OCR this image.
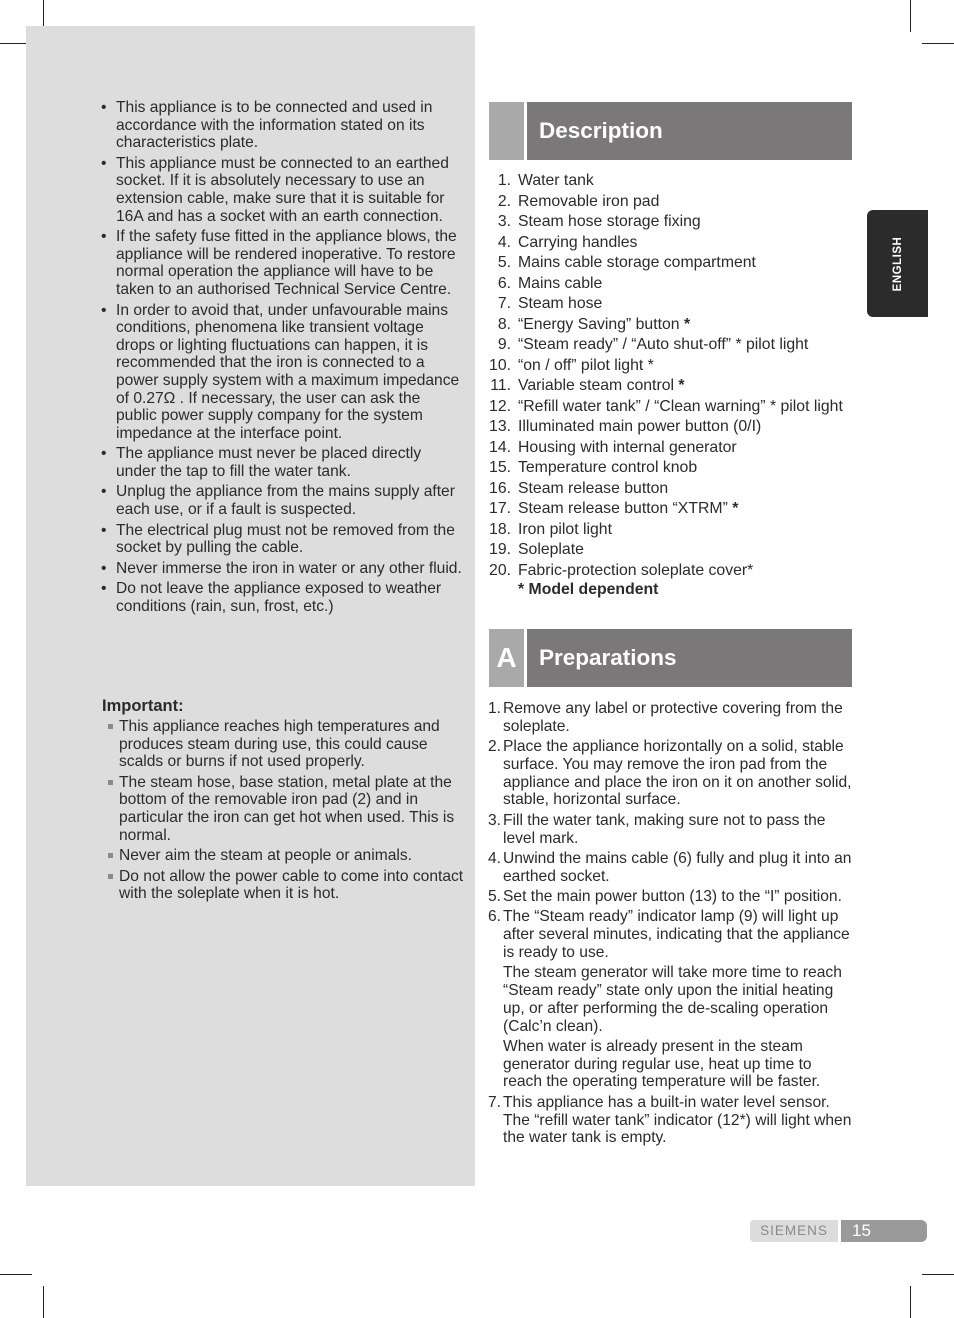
• This appliance is to be connected and used in accordance with the information stated on its characteristics plate.
• This appliance must be connected to an earthed socket. If it is absolutely necessary to use an extension cable, make sure that it is suitable for 16A and has a socket with an earth connection.
• If the safety fuse fitted in the appliance blows, the appliance will be rendered inoperative. To restore normal operation the appliance will have to be taken to an authorised Technical Service Centre.
• In order to avoid that, under unfavourable mains conditions, phenomena like transient voltage drops or lighting fluctuations can happen, it is recommended that the iron is connected to a power supply system with a maximum impedance of 0.27Ω . If necessary, the user can ask the public power supply company for the system impedance at the interface point.
• The appliance must never be placed directly under the tap to fill the water tank.
• Unplug the appliance from the mains supply after each use, or if a fault is suspected.
• The electrical plug must not be removed from the socket by pulling the cable.
• Never immerse the iron in water or any other fluid.
• Do not leave the appliance exposed to weather conditions (rain, sun, frost, etc.)
Important:
This appliance reaches high temperatures and produces steam during use, this could cause scalds or burns if not used properly.
The steam hose, base station, metal plate at the bottom of the removable iron pad (2) and in particular the iron can get hot when used. This is normal.
Never aim the steam at people or animals.
Do not allow the power cable to come into contact with the soleplate when it is hot.
Description
1. Water tank
2. Removable iron pad
3. Steam hose storage fixing
4. Carrying handles
5. Mains cable storage compartment
6. Mains cable
7. Steam hose
8. “Energy Saving” button *
9. “Steam ready” / “Auto shut-off” * pilot light
10. “on / off” pilot light *
11. Variable steam control *
12. “Refill water tank” / “Clean warning” * pilot light
13. Illuminated main power button (0/I)
14. Housing with internal generator
15. Temperature control knob
16. Steam release button
17. Steam release button “XTRM” *
18. Iron pilot light
19. Soleplate
20. Fabric-protection soleplate cover*
* Model dependent
A Preparations
1. Remove any label or protective covering from the soleplate.

2. Place the appliance horizontally on a solid, stable surface. You may remove the iron pad from the appliance and place the iron on it on another solid, stable, horizontal surface.

3. Fill the water tank, making sure not to pass the level mark.

4. Unwind the mains cable (6) fully and plug it into an earthed socket.

5. Set the main power button (13) to the “I” position.

6. The “Steam ready” indicator lamp (9) will light up after several minutes, indicating that the appliance is ready to use.

The steam generator will take more time to reach “Steam ready” state only upon the initial heating up, or after performing the de-scaling operation (Calc’n clean).

When water is already present in the steam generator during regular use, heat up time to reach the operating temperature will be faster.

7. This appliance has a built-in water level sensor. The “refill water tank” indicator (12*) will light when the water tank is empty.

ENGLISH
SIEMENS	15
